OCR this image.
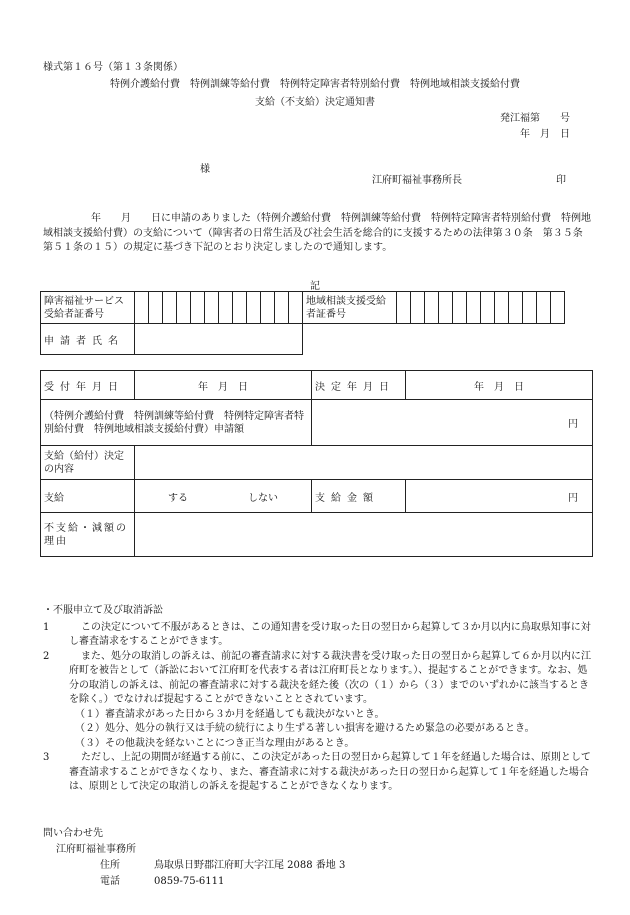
様式第１６号（第１３条関係）
特例介護給付費　特例訓練等給付費　特例特定障害者特別給付費　特例地域相談支援給付費
支給（不支給）決定通知書
発江福第　　号
年　月　日
様
江府町福祉事務所長	印
年　　月　　日に申請のありました（特例介護給付費　特例訓練等給付費　特例特定障害者特別給付費　特例地域相談支援給付費）の支給について（障害者の日常生活及び社会生活を総合的に支援するための法律第３０条　第３５条　第５１条の１５）の規定に基づき下記のとおり決定しましたので通知します。
記
障害福祉サービス受給者証番号													地域相談支援受給者証番号												
申請者氏名																									
受付年月日	年　月　日	決定年月日	年　月　日
（特例介護給付費　特例訓練等給付費　特例特定障害者特別給付費　特例地域相談支援給付費）申請額		円	
支給（給付）決定の内容			

支給	する しない	支給金額	円
不支給・減額の理由			
・不服申立て及び取消訴訟
1	この決定について不服があるときは、この通知書を受け取った日の翌日から起算して３か月以内に鳥取県知事に対し審査請求をすることができます。
2	また、処分の取消しの訴えは、前記の審査請求に対する裁決書を受け取った日の翌日から起算して６か月以内に江府町を被告として（訴訟において江府町を代表する者は江府町長となります。）、提起することができます。なお、処分の取消しの訴えは、前記の審査請求に対する裁決を経た後（次の（１）から（３）までのいずれかに該当するときを除く。）でなければ提起することができないこととされています。
（１）審査請求があった日から３か月を経過しても裁決がないとき。
（２）処分、処分の執行又は手続の続行により生ずる著しい損害を避けるため緊急の必要があるとき。
（３）その他裁決を経ないことにつき正当な理由があるとき。
3	ただし、上記の期間が経過する前に、この決定があった日の翌日から起算して１年を経過した場合は、原則として審査請求することができなくなり、また、審査請求に対する裁決があった日の翌日から起算して１年を経過した場合は、原則として決定の取消しの訴えを提起することができなくなります。
問い合わせ先
江府町福祉事務所
住所	鳥取県日野郡江府町大字江尾 2088 番地 3
電話	0859-75-6111
